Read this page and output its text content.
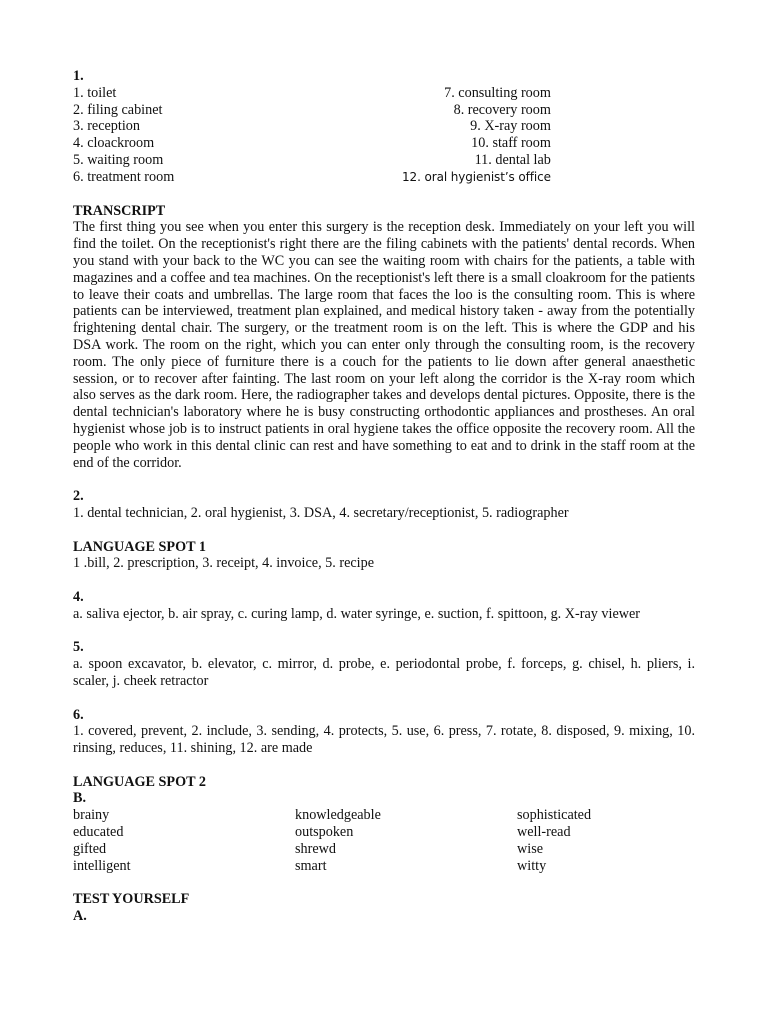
1.
1. toilet
2. filing cabinet
3. reception
4. cloackroom
5. waiting room
6. treatment room
7. consulting room
8. recovery room
9. X-ray room
10. staff room
11. dental lab
12. oral hygienist’s office
TRANSCRIPT
The first thing you see when you enter this surgery is the reception desk. Immediately on your left you will find the toilet. On the receptionist's right there are the filing cabinets with the patients' dental records. When you stand with your back to the WC you can see the waiting room with chairs for the patients, a table with magazines and a coffee and tea machines. On the receptionist's left there is a small cloakroom for the patients to leave their coats and umbrellas. The large room that faces the loo is the consulting room. This is where patients can be interviewed, treatment plan explained, and medical history taken - away from the potentially frightening dental chair. The surgery, or the treatment room is on the left. This is where the GDP and his DSA work. The room on the right, which you can enter only through the consulting room, is the recovery room. The only piece of furniture there is a couch for the patients to lie down after general anaesthetic session, or to recover after fainting. The last room on your left along the corridor is the X-ray room which also serves as the dark room. Here, the radiographer takes and develops dental pictures. Opposite, there is the dental technician's laboratory where he is busy constructing orthodontic appliances and prostheses. An oral hygienist whose job is to instruct patients in oral hygiene takes the office opposite the recovery room. All the people who work in this dental clinic can rest and have something to eat and to drink in the staff room at the end of the corridor.
2.
1. dental technician, 2. oral hygienist, 3. DSA, 4. secretary/receptionist, 5. radiographer
LANGUAGE SPOT 1
1 .bill, 2. prescription, 3. receipt, 4. invoice, 5. recipe
4.
a. saliva ejector, b. air spray, c. curing lamp, d. water syringe, e. suction, f. spittoon, g. X-ray viewer
5.
a. spoon excavator, b. elevator, c. mirror, d. probe, e. periodontal probe, f. forceps, g. chisel, h. pliers, i. scaler, j. cheek retractor
6.
1. covered, prevent, 2. include, 3. sending, 4. protects, 5. use, 6. press, 7. rotate, 8. disposed, 9. mixing, 10. rinsing, reduces, 11. shining, 12. are made
LANGUAGE SPOT 2
B.
brainy	knowledgeable	sophisticated
educated	outspoken	well-read
gifted	shrewd	wise
intelligent	smart	witty
TEST YOURSELF
A.
